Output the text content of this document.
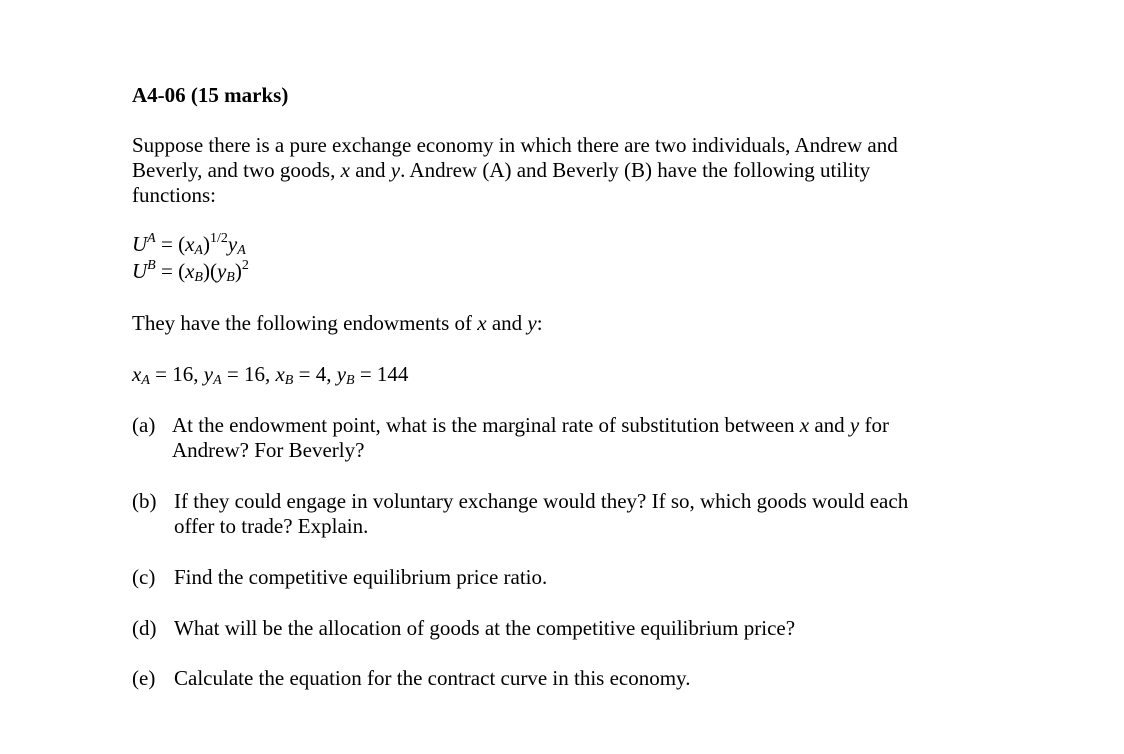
A4-06 (15 marks)
Suppose there is a pure exchange economy in which there are two individuals, Andrew and
Beverly, and two goods, x and y. Andrew (A) and Beverly (B) have the following utility
functions:
$U^A = (x_A)^{1/2}y_A$
$U^B = (x_B)(y_B)^2$
They have the following endowments of x and y:
$x_A = 16$, $y_A = 16$, $x_B = 4$, $y_B = 144$
(a) At the endowment point, what is the marginal rate of substitution between x and y for
Andrew? For Beverly?
(b) If they could engage in voluntary exchange would they? If so, which goods would each
offer to trade? Explain.
(c) Find the competitive equilibrium price ratio.
(d) What will be the allocation of goods at the competitive equilibrium price?
(e) Calculate the equation for the contract curve in this economy.
